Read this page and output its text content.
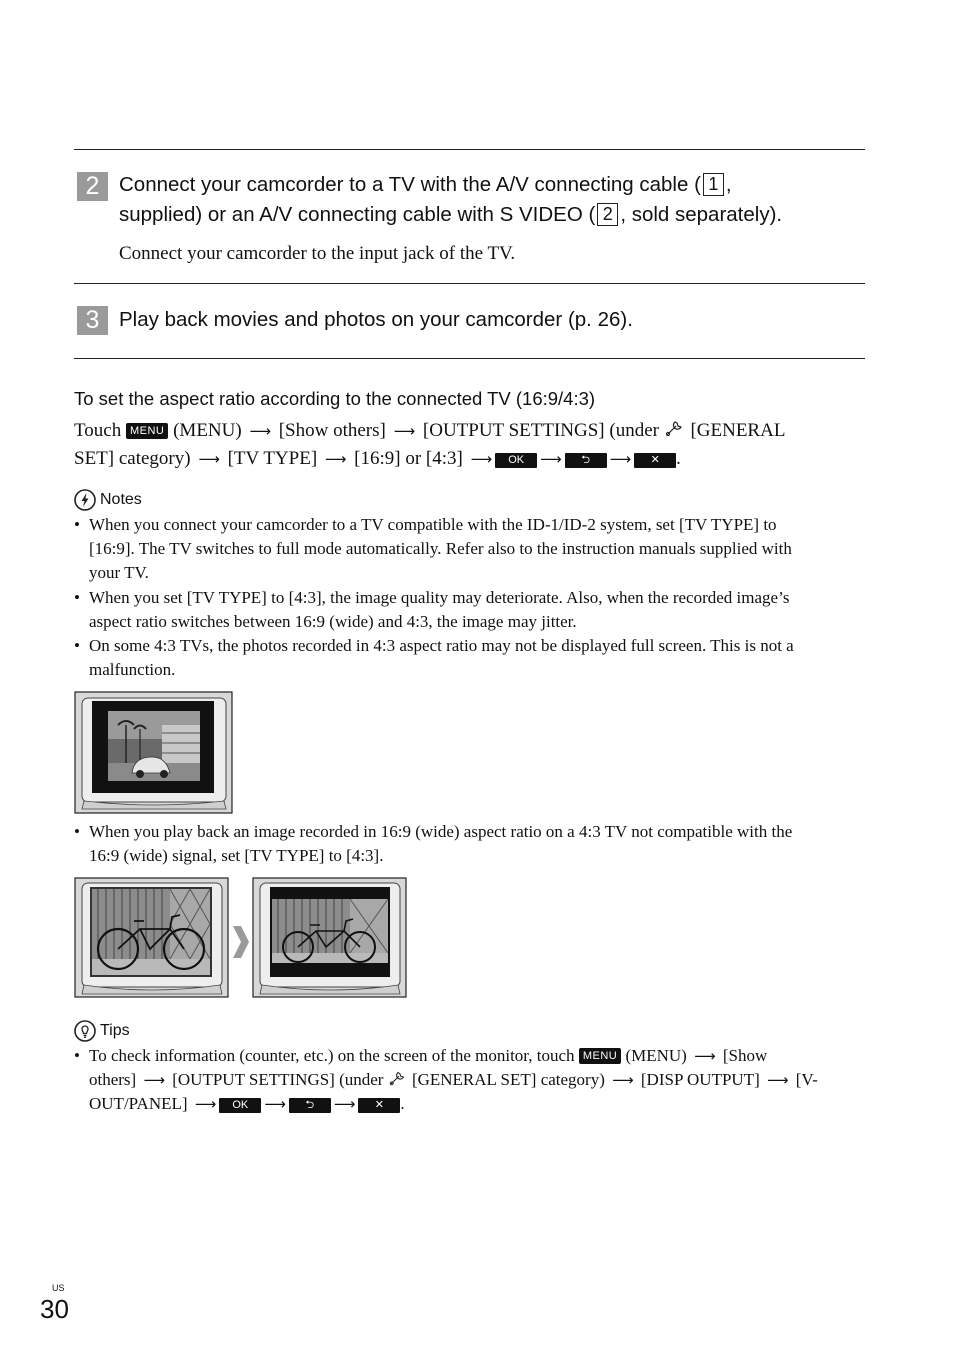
2 Connect your camcorder to a TV with the A/V connecting cable ( 1 ,
supplied) or an A/V connecting cable with S VIDEO ( 2 , sold separately).
Connect your camcorder to the input jack of the TV.
3 Play back movies and photos on your camcorder (p. 26).
To set the aspect ratio according to the connected TV (16:9/4:3)
Touch MENU (MENU) ⟶ [Show others] ⟶ [OUTPUT SETTINGS] (under  [GENERAL
SET] category) ⟶ [TV TYPE] ⟶ [16:9] or [4:3] ⟶ OK ⟶ ⮌ ⟶ ✕ .
Notes
• When you connect your camcorder to a TV compatible with the ID-1/ID-2 system, set [TV TYPE] to
[16:9]. The TV switches to full mode automatically. Refer also to the instruction manuals supplied with
your TV.
• When you set [TV TYPE] to [4:3], the image quality may deteriorate. Also, when the recorded image’s
aspect ratio switches between 16:9 (wide) and 4:3, the image may jitter.
• On some 4:3 TVs, the photos recorded in 4:3 aspect ratio may not be displayed full screen. This is not a
malfunction.
• When you play back an image recorded in 16:9 (wide) aspect ratio on a 4:3 TV not compatible with the
16:9 (wide) signal, set [TV TYPE] to [4:3].
Tips
• To check information (counter, etc.) on the screen of the monitor, touch MENU (MENU) ⟶ [Show
others] ⟶ [OUTPUT SETTINGS] (under  [GENERAL SET] category) ⟶ [DISP OUTPUT] ⟶ [V-
OUT/PANEL] ⟶ OK ⟶ ⮌ ⟶ ✕ .
US
30
